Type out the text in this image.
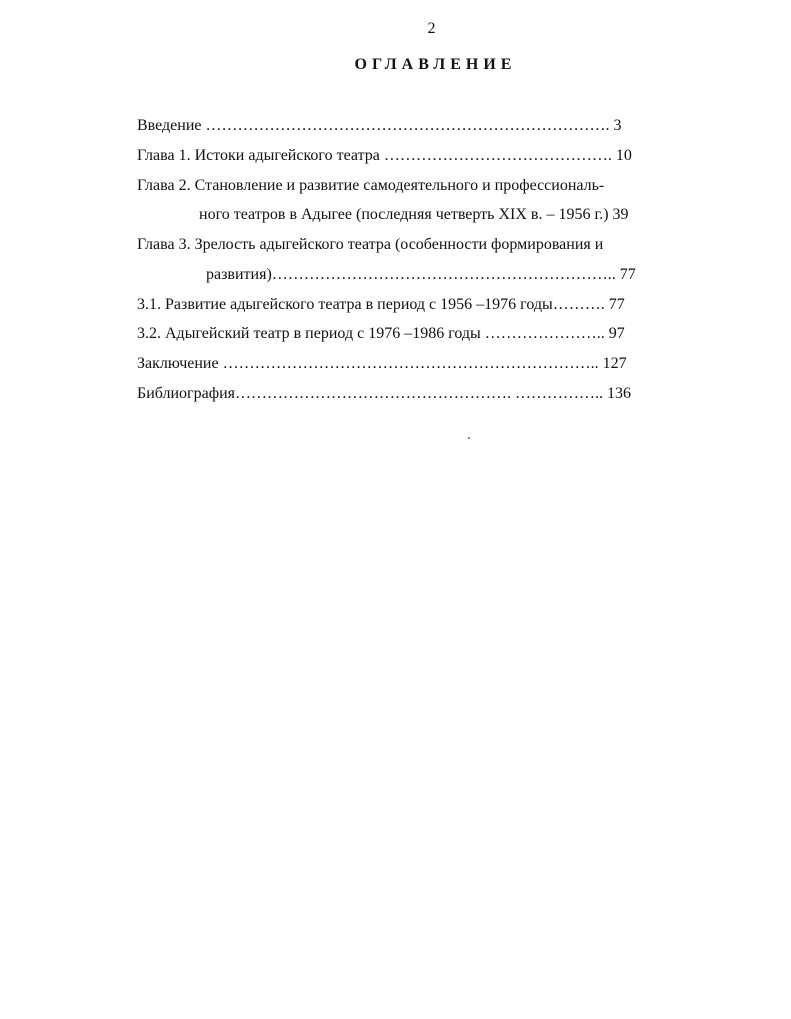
2
ОГЛАВЛЕНИЕ
Введение …………………………………………………………………. 3
Глава 1. Истоки адыгейского театра ……………………………………. 10
Глава 2. Становление и развитие самодеятельного и профессиональ-
ного театров в Адыгее (последняя четверть XIX в. – 1956 г.) 39
Глава 3. Зрелость адыгейского театра (особенности формирования и
развития)……………………………………………………….. 77
3.1. Развитие адыгейского театра в период с 1956 –1976 годы………. 77
3.2. Адыгейский театр в период с 1976 –1986 годы ………………….. 97
Заключение …………………………………………………………….. 127
Библиография……………………………………………. …………….. 136
